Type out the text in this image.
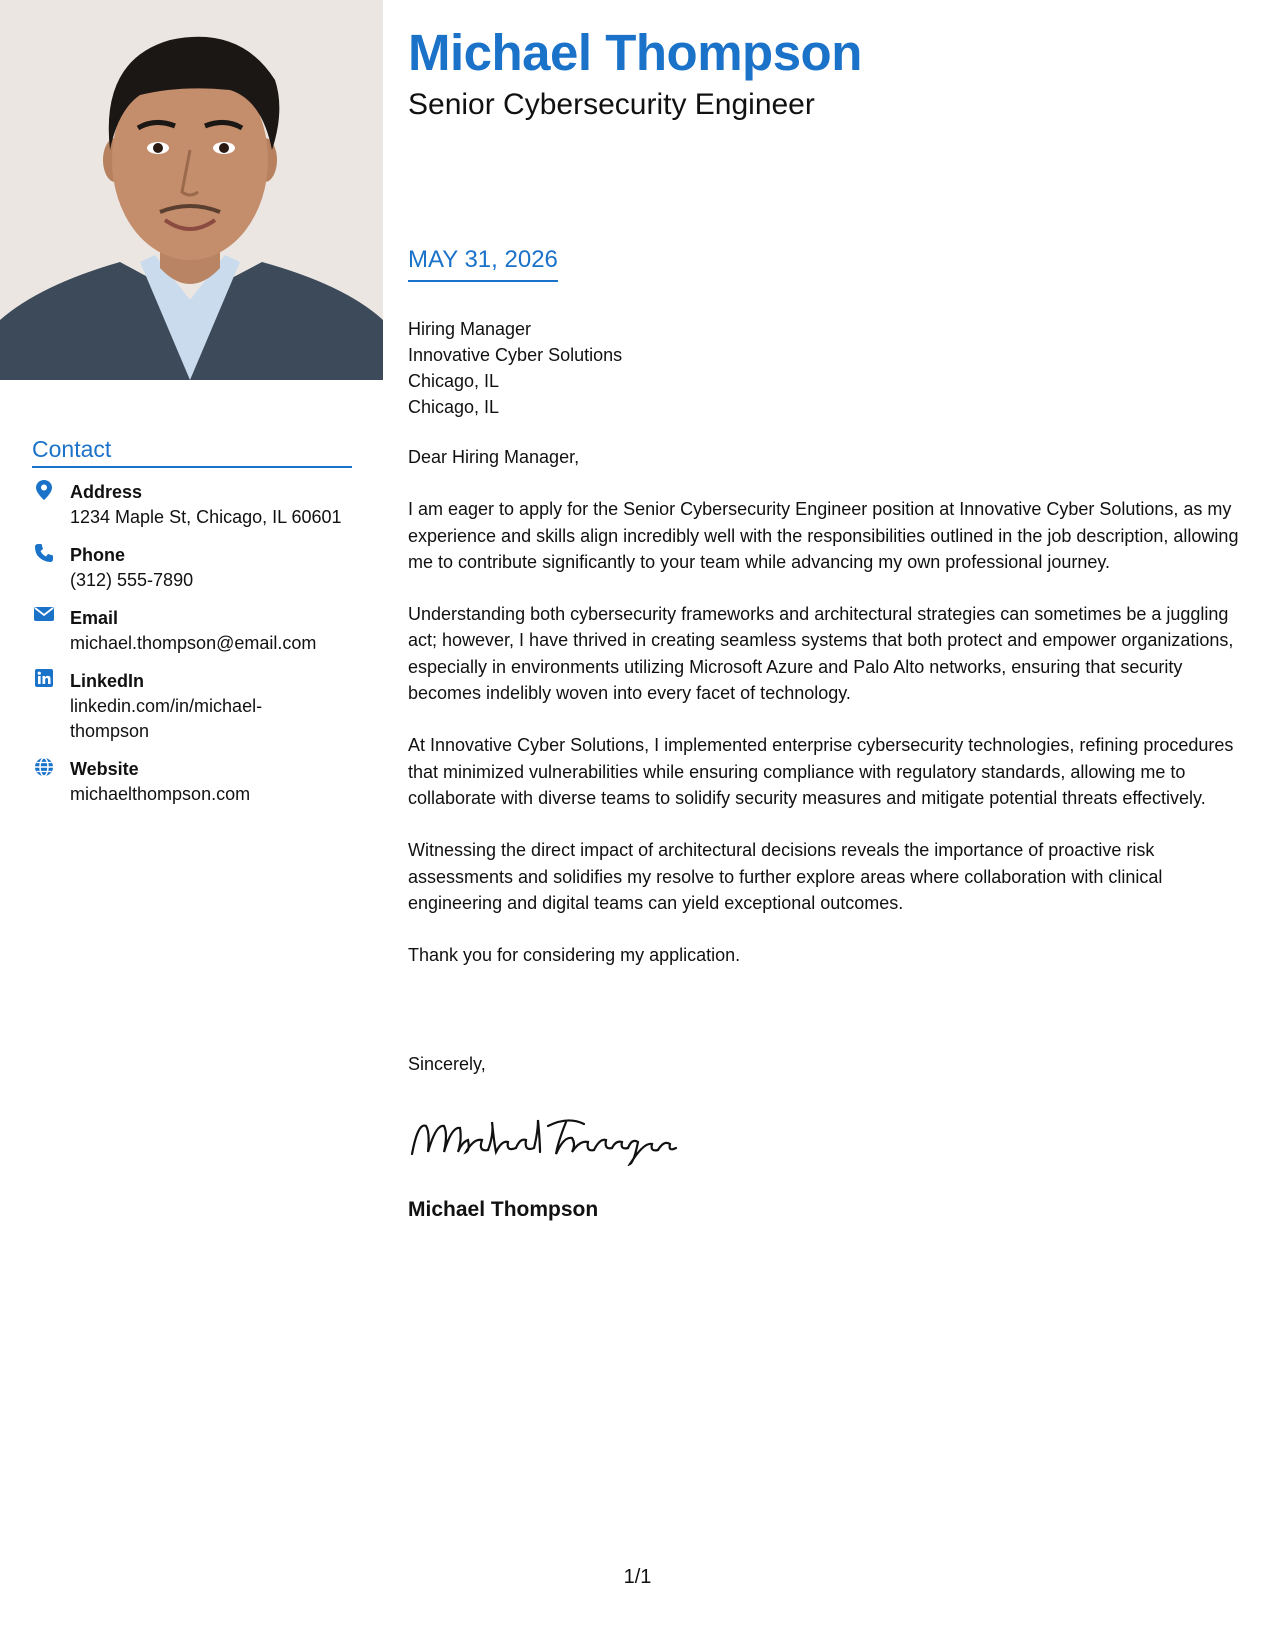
Contact
Address
1234 Maple St, Chicago, IL 60601
Phone
(312) 555-7890
Email
michael.thompson@email.com
LinkedIn
linkedin.com/in/michael-thompson
Website
michaelthompson.com
Michael Thompson
Senior Cybersecurity Engineer
MAY 31, 2026
Hiring Manager
Innovative Cyber Solutions
Chicago, IL
Chicago, IL

Dear Hiring Manager,

I am eager to apply for the Senior Cybersecurity Engineer position at Innovative Cyber Solutions, as my experience and skills align incredibly well with the responsibilities outlined in the job description, allowing me to contribute significantly to your team while advancing my own professional journey.

Understanding both cybersecurity frameworks and architectural strategies can sometimes be a juggling act; however, I have thrived in creating seamless systems that both protect and empower organizations, especially in environments utilizing Microsoft Azure and Palo Alto networks, ensuring that security becomes indelibly woven into every facet of technology.

At Innovative Cyber Solutions, I implemented enterprise cybersecurity technologies, refining procedures that minimized vulnerabilities while ensuring compliance with regulatory standards, allowing me to collaborate with diverse teams to solidify security measures and mitigate potential threats effectively.

Witnessing the direct impact of architectural decisions reveals the importance of proactive risk assessments and solidifies my resolve to further explore areas where collaboration with clinical engineering and digital teams can yield exceptional outcomes.

Thank you for considering my application.

Sincerely,
Michael Thompson
1/1
